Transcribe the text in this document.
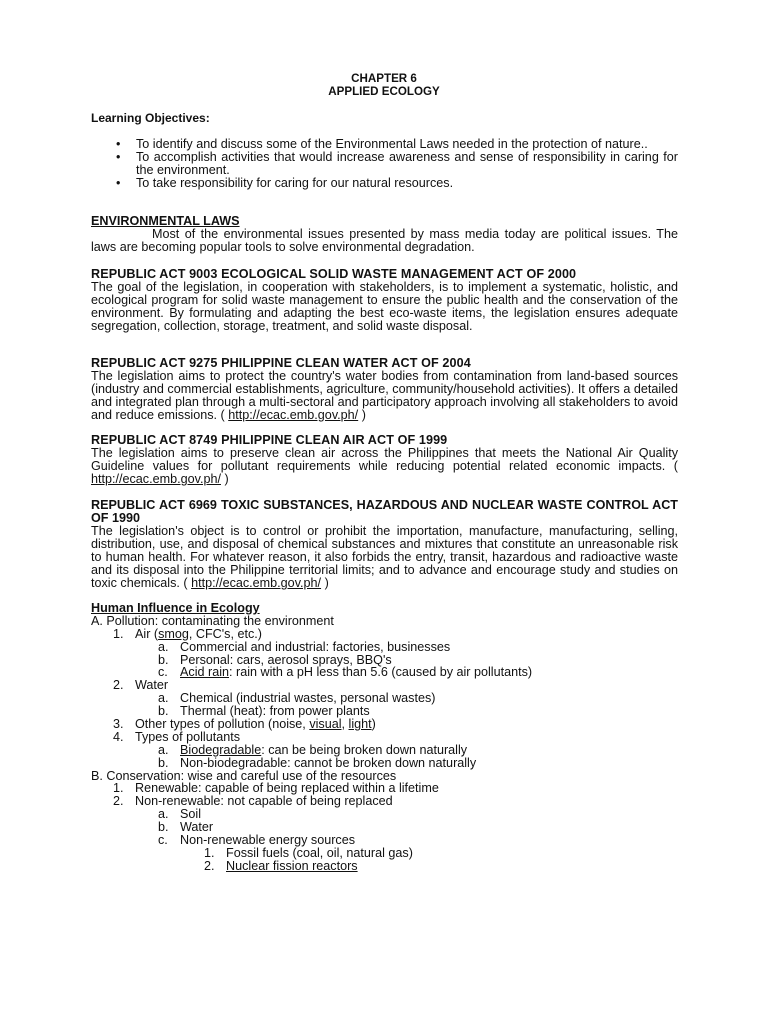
CHAPTER 6
APPLIED ECOLOGY
Learning Objectives:
• To identify and discuss some of the Environmental Laws needed in the protection of nature..
• To accomplish activities that would increase awareness and sense of responsibility in caring for the environment.
• To take responsibility for caring for our natural resources.

ENVIRONMENTAL LAWS

Most of the environmental issues presented by mass media today are political issues. The laws are becoming popular tools to solve environmental degradation.

REPUBLIC ACT 9003 ECOLOGICAL SOLID WASTE MANAGEMENT ACT OF 2000

The goal of the legislation, in cooperation with stakeholders, is to implement a systematic, holistic, and ecological program for solid waste management to ensure the public health and the conservation of the environment. By formulating and adapting the best eco-waste items, the legislation ensures adequate segregation, collection, storage, treatment, and solid waste disposal.

REPUBLIC ACT 9275 PHILIPPINE CLEAN WATER ACT OF 2004

The legislation aims to protect the country's water bodies from contamination from land-based sources (industry and commercial establishments, agriculture, community/household activities). It offers a detailed and integrated plan through a multi-sectoral and participatory approach involving all stakeholders to avoid and reduce emissions. ( http://ecac.emb.gov.ph/ )

REPUBLIC ACT 8749 PHILIPPINE CLEAN AIR ACT OF 1999

The legislation aims to preserve clean air across the Philippines that meets the National Air Quality Guideline values for pollutant requirements while reducing potential related economic impacts. ( http://ecac.emb.gov.ph/ )

REPUBLIC ACT 6969 TOXIC SUBSTANCES, HAZARDOUS AND NUCLEAR WASTE CONTROL ACT OF 1990

The legislation's object is to control or prohibit the importation, manufacture, manufacturing, selling, distribution, use, and disposal of chemical substances and mixtures that constitute an unreasonable risk to human health. For whatever reason, it also forbids the entry, transit, hazardous and radioactive waste and its disposal into the Philippine territorial limits; and to advance and encourage study and studies on toxic chemicals. ( http://ecac.emb.gov.ph/ )

Human Influence in Ecology
A. Pollution: contaminating the environment
1. Air (smog, CFC's, etc.)
a. Commercial and industrial: factories, businesses
b. Personal: cars, aerosol sprays, BBQ's
c. Acid rain: rain with a pH less than 5.6 (caused by air pollutants)
2. Water
a. Chemical (industrial wastes, personal wastes)
b. Thermal (heat): from power plants
3. Other types of pollution (noise, visual, light)
4. Types of pollutants
a. Biodegradable: can be being broken down naturally
b. Non-biodegradable: cannot be broken down naturally
B. Conservation: wise and careful use of the resources
1. Renewable: capable of being replaced within a lifetime
2. Non-renewable: not capable of being replaced
a. Soil
b. Water
c. Non-renewable energy sources
1. Fossil fuels (coal, oil, natural gas)
2. Nuclear fission reactors
